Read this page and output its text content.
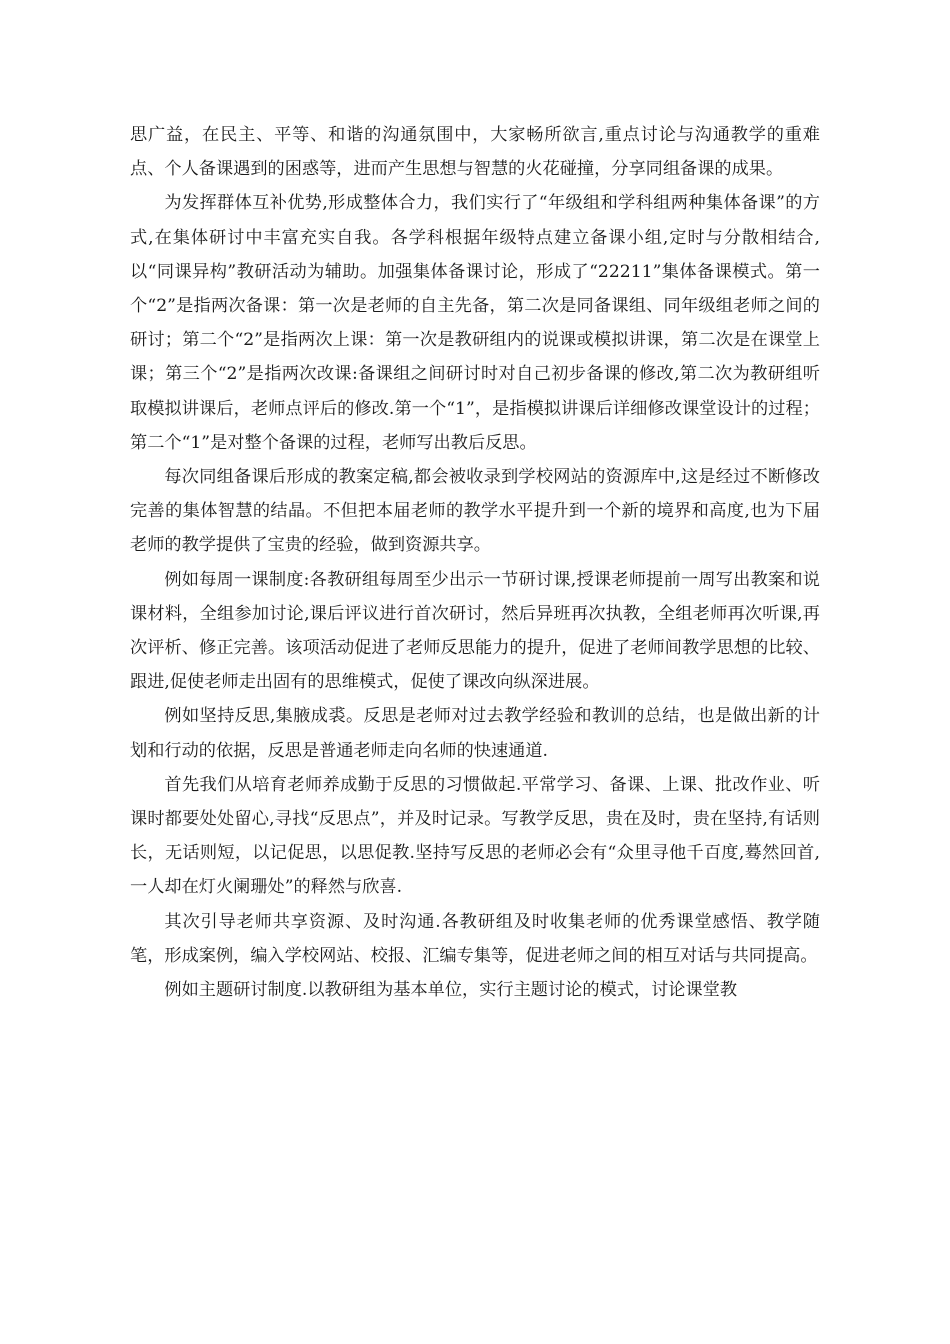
思广益，在民主、平等、和谐的沟通氛围中，大家畅所欲言,重点讨论与沟通教学的重难点、个人备课遇到的困惑等，进而产生思想与智慧的火花碰撞，分享同组备课的成果。

为发挥群体互补优势,形成整体合力，我们实行了“年级组和学科组两种集体备课”的方式,在集体研讨中丰富充实自我。各学科根据年级特点建立备课小组,定时与分散相结合,以“同课异构”教研活动为辅助。加强集体备课讨论，形成了“22211”集体备课模式。第一个“2”是指两次备课：第一次是老师的自主先备，第二次是同备课组、同年级组老师之间的研讨；第二个“2”是指两次上课：第一次是教研组内的说课或模拟讲课，第二次是在课堂上课；第三个“2”是指两次改课:备课组之间研讨时对自己初步备课的修改,第二次为教研组听取模拟讲课后，老师点评后的修改.第一个“1”，是指模拟讲课后详细修改课堂设计的过程；第二个“1”是对整个备课的过程，老师写出教后反思。

每次同组备课后形成的教案定稿,都会被收录到学校网站的资源库中,这是经过不断修改完善的集体智慧的结晶。不但把本届老师的教学水平提升到一个新的境界和高度,也为下届老师的教学提供了宝贵的经验，做到资源共享。

例如每周一课制度:各教研组每周至少出示一节研讨课,授课老师提前一周写出教案和说课材料，全组参加讨论,课后评议进行首次研讨，然后异班再次执教，全组老师再次听课,再次评析、修正完善。该项活动促进了老师反思能力的提升，促进了老师间教学思想的比较、跟进,促使老师走出固有的思维模式，促使了课改向纵深进展。

例如坚持反思,集腋成裘。反思是老师对过去教学经验和教训的总结，也是做出新的计划和行动的依据，反思是普通老师走向名师的快速通道.

首先我们从培育老师养成勤于反思的习惯做起.平常学习、备课、上课、批改作业、听课时都要处处留心,寻找“反思点”，并及时记录。写教学反思，贵在及时，贵在坚持,有话则长，无话则短，以记促思，以思促教.坚持写反思的老师必会有“众里寻他千百度,蓦然回首,一人却在灯火阑珊处”的释然与欣喜.

其次引导老师共享资源、及时沟通.各教研组及时收集老师的优秀课堂感悟、教学随笔，形成案例，编入学校网站、校报、汇编专集等，促进老师之间的相互对话与共同提高。

例如主题研讨制度.以教研组为基本单位，实行主题讨论的模式，讨论课堂教
